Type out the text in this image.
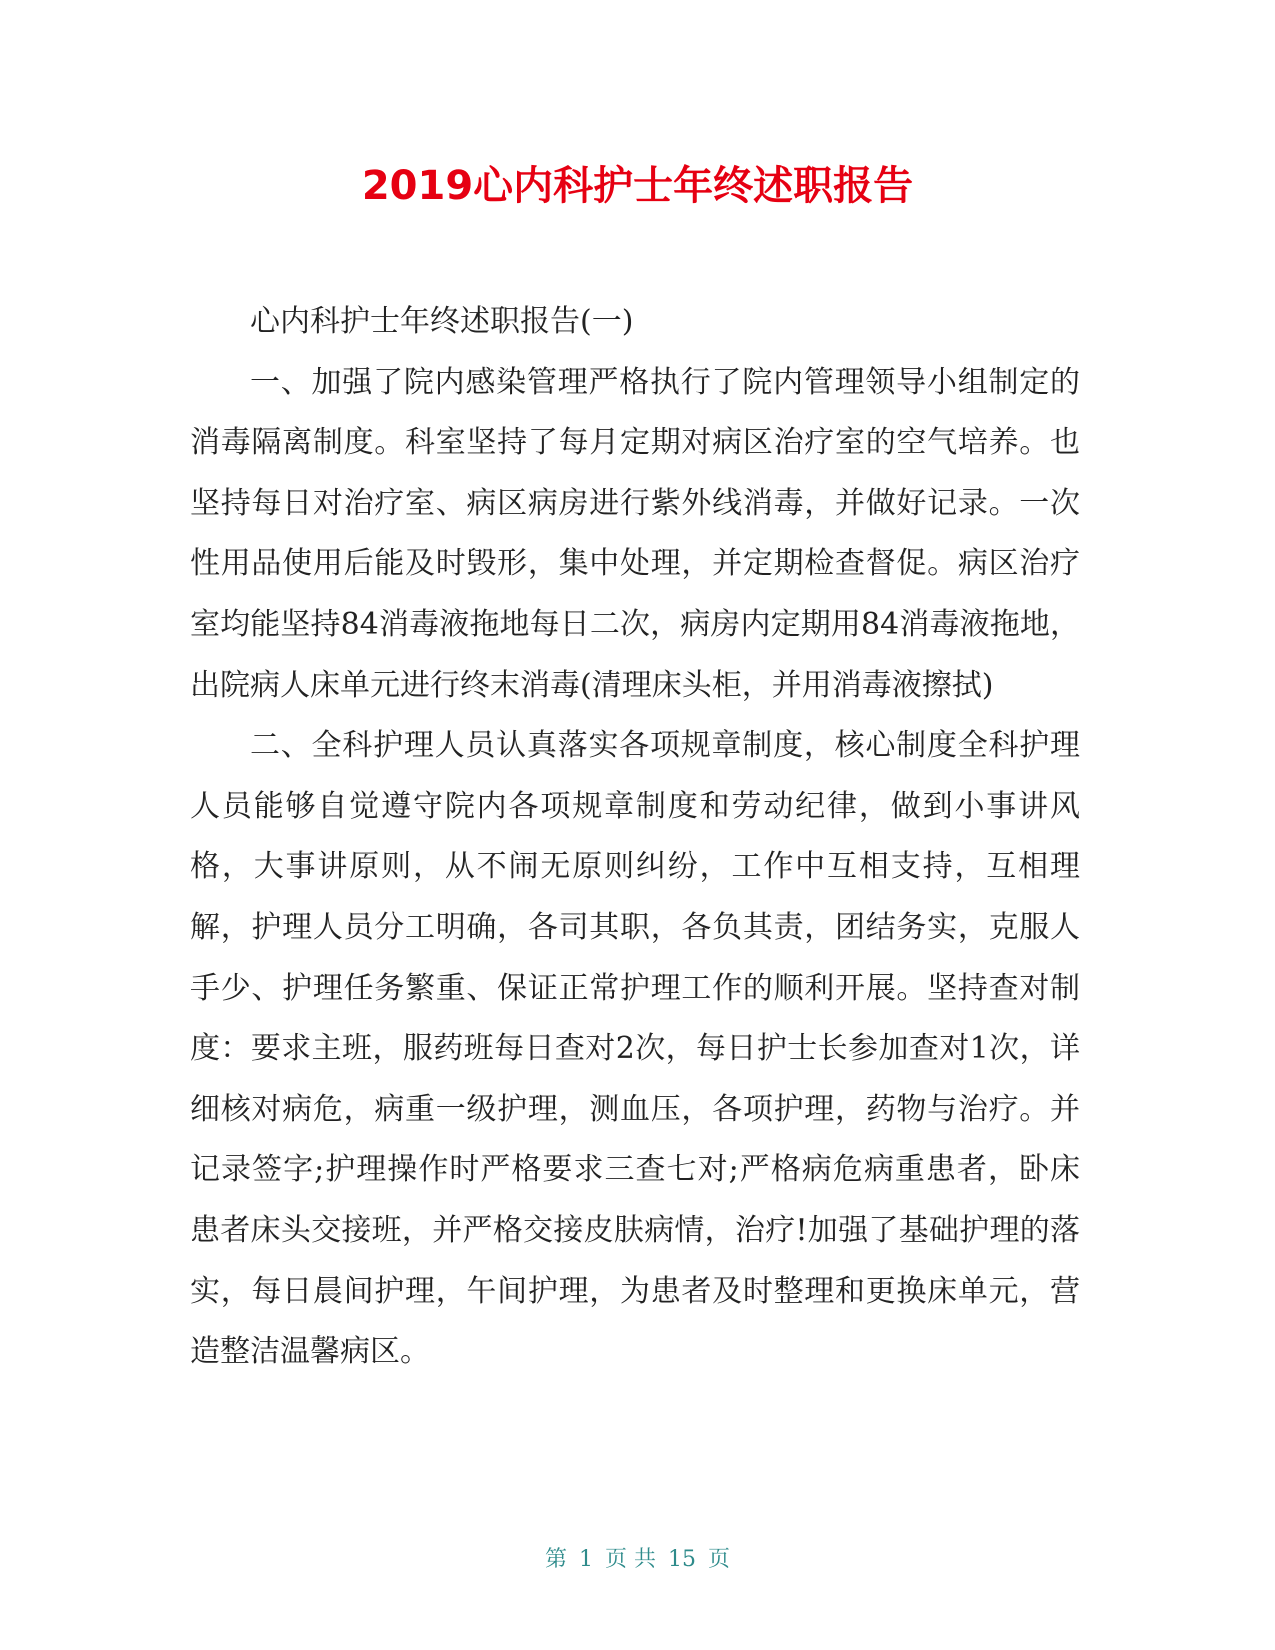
2019心内科护士年终述职报告

心内科护士年终述职报告(一)

一、加强了院内感染管理严格执行了院内管理领导小组制定的消毒隔离制度。科室坚持了每月定期对病区治疗室的空气培养。也坚持每日对治疗室、病区病房进行紫外线消毒，并做好记录。一次性用品使用后能及时毁形，集中处理，并定期检查督促。病区治疗室均能坚持84消毒液拖地每日二次，病房内定期用84消毒液拖地，出院病人床单元进行终末消毒(清理床头柜，并用消毒液擦拭)

二、全科护理人员认真落实各项规章制度，核心制度全科护理人员能够自觉遵守院内各项规章制度和劳动纪律，做到小事讲风格，大事讲原则，从不闹无原则纠纷，工作中互相支持，互相理解，护理人员分工明确，各司其职，各负其责，团结务实，克服人手少、护理任务繁重、保证正常护理工作的顺利开展。坚持查对制度：要求主班，服药班每日查对2次，每日护士长参加查对1次，详细核对病危，病重一级护理，测血压，各项护理，药物与治疗。并记录签字;护理操作时严格要求三查七对;严格病危病重患者，卧床患者床头交接班，并严格交接皮肤病情，治疗!加强了基础护理的落实，每日晨间护理，午间护理，为患者及时整理和更换床单元，营造整洁温馨病区。

第 1 页 共 15 页
